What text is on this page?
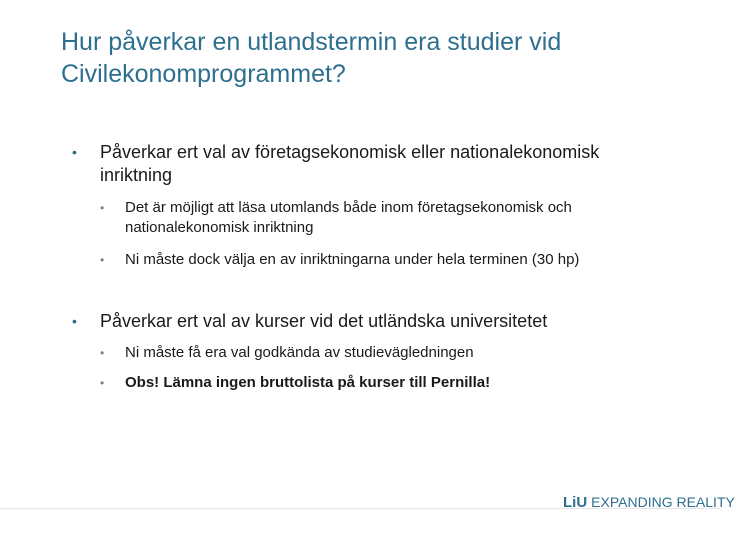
Hur påverkar en utlandstermin era studier vid Civilekonomprogrammet?
• Påverkar ert val av företagsekonomisk eller nationalekonomisk inriktning
• Det är möjligt att läsa utomlands både inom företagsekonomisk och nationalekonomisk inriktning
• Ni måste dock välja en av inriktningarna under hela terminen (30 hp)
• Påverkar ert val av kurser vid det utländska universitetet
• Ni måste få era val godkända av studievägledningen
• Obs! Lämna ingen bruttolista på kurser till Pernilla!
LiU EXPANDING REALITY
